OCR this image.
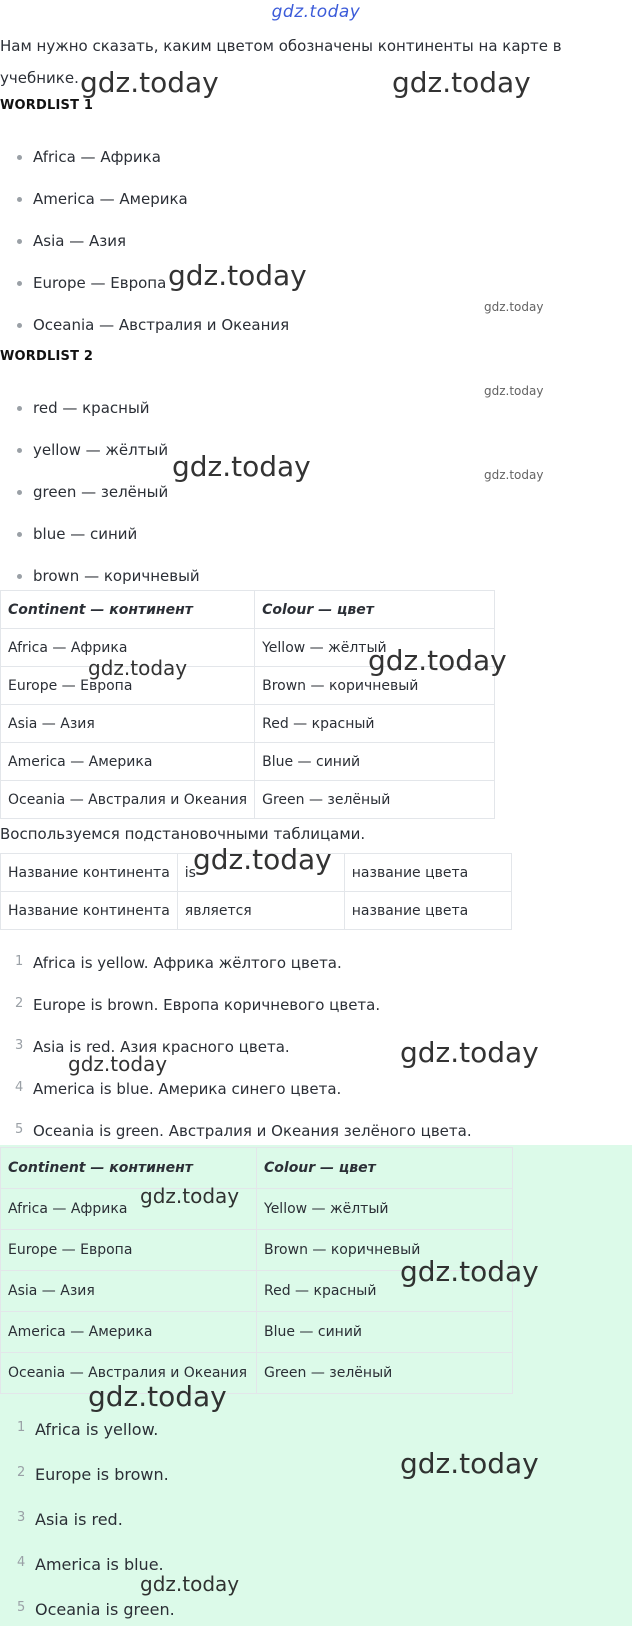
gdz.today
Нам нужно сказать, каким цветом обозначены континенты на карте в учебнике.
WORDLIST 1
Africa — Африка
America — Америка
Asia — Азия
Europe — Европа
Oceania — Австралия и Океания
WORDLIST 2
red — красный
yellow — жёлтый
green — зелёный
blue — синий
brown — коричневый
Continent — континент	Colour — цвет
Africa — Африка	Yellow — жёлтый
Europe — Европа	Brown — коричневый
Asia — Азия	Red — красный
America — Америка	Blue — синий
Oceania — Австралия и Океания	Green — зелёный
Воспользуемся подстановочными таблицами.
Название континента	is	название цвета
Название континента	является	название цвета
1 Africa is yellow. Африка жёлтого цвета.
2 Europe is brown. Европа коричневого цвета.
3 Asia is red. Азия красного цвета.
4 America is blue. Америка синего цвета.
5 Oceania is green. Австралия и Океания зелёного цвета.
Continent — континент	Colour — цвет
Africa — Африка	Yellow — жёлтый
Europe — Европа	Brown — коричневый
Asia — Азия	Red — красный
America — Америка	Blue — синий
Oceania — Австралия и Океания	Green — зелёный
1 Africa is yellow.
2 Europe is brown.
3 Asia is red.
4 America is blue.
5 Oceania is green.
gdz.today	gdz.today
gdz.today
gdz.today
gdz.today
gdz.today	gdz.today
gdz.today
gdz.today
gdz.today
gdz.today
gdz.today
gdz.today
gdz.today
gdz.today
gdz.today
gdz.today
